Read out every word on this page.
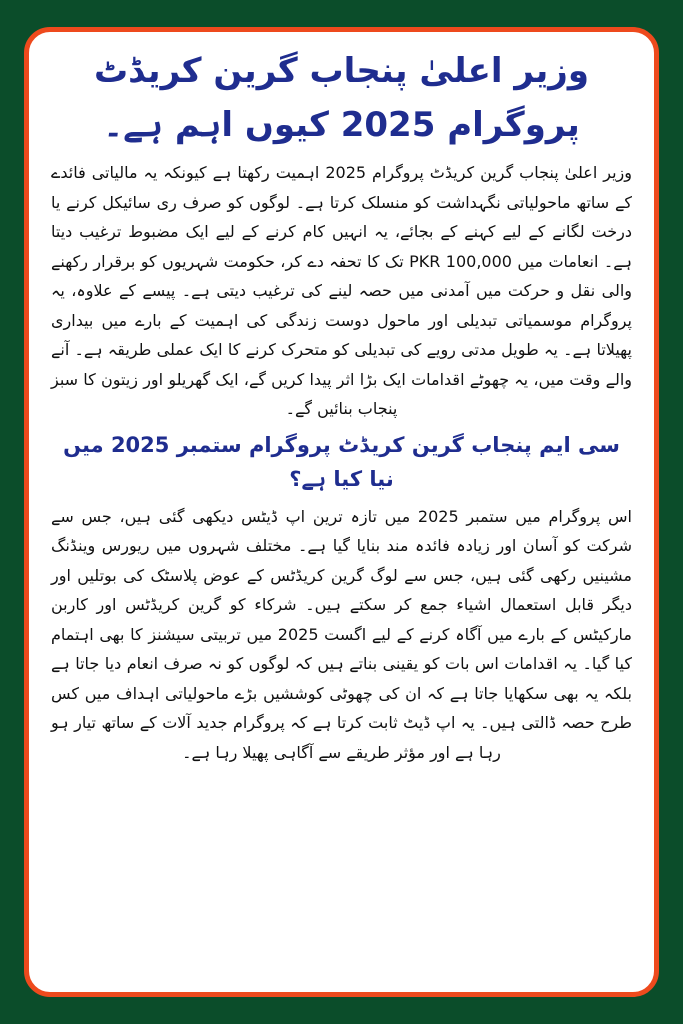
وزیر اعلیٰ پنجاب گرین کریڈٹ پروگرام 2025 کیوں اہم ہے۔

وزیر اعلیٰ پنجاب گرین کریڈٹ پروگرام 2025 اہمیت رکھتا ہے کیونکہ یہ مالیاتی فائدے کے ساتھ ماحولیاتی نگہداشت کو منسلک کرتا ہے۔ لوگوں کو صرف ری سائیکل کرنے یا درخت لگانے کے لیے کہنے کے بجائے، یہ انہیں کام کرنے کے لیے ایک مضبوط ترغیب دیتا ہے۔ انعامات میں PKR 100,000 تک کا تحفہ دے کر، حکومت شہریوں کو برقرار رکھنے والی نقل و حرکت میں آمدنی میں حصہ لینے کی ترغیب دیتی ہے۔ پیسے کے علاوہ، یہ پروگرام موسمیاتی تبدیلی اور ماحول دوست زندگی کی اہمیت کے بارے میں بیداری پھیلاتا ہے۔ یہ طویل مدتی رویے کی تبدیلی کو متحرک کرنے کا ایک عملی طریقہ ہے۔ آنے والے وقت میں، یہ چھوٹے اقدامات ایک بڑا اثر پیدا کریں گے، ایک گھریلو اور زیتون کا سبز پنجاب بنائیں گے۔

سی ایم پنجاب گرین کریڈٹ پروگرام ستمبر 2025 میں نیا کیا ہے؟

اس پروگرام میں ستمبر 2025 میں تازہ ترین اپ ڈیٹس دیکھی گئی ہیں، جس سے شرکت کو آسان اور زیادہ فائدہ مند بنایا گیا ہے۔ مختلف شہروں میں ریورس وینڈنگ مشینیں رکھی گئی ہیں، جس سے لوگ گرین کریڈٹس کے عوض پلاسٹک کی بوتلیں اور دیگر قابل استعمال اشیاء جمع کر سکتے ہیں۔ شرکاء کو گرین کریڈٹس اور کاربن مارکیٹس کے بارے میں آگاہ کرنے کے لیے اگست 2025 میں تربیتی سیشنز کا بھی اہتمام کیا گیا۔ یہ اقدامات اس بات کو یقینی بناتے ہیں کہ لوگوں کو نہ صرف انعام دیا جاتا ہے بلکہ یہ بھی سکھایا جاتا ہے کہ ان کی چھوٹی کوششیں بڑے ماحولیاتی اہداف میں کس طرح حصہ ڈالتی ہیں۔ یہ اپ ڈیٹ ثابت کرتا ہے کہ پروگرام جدید آلات کے ساتھ تیار ہو رہا ہے اور مؤثر طریقے سے آگاہی پھیلا رہا ہے۔
